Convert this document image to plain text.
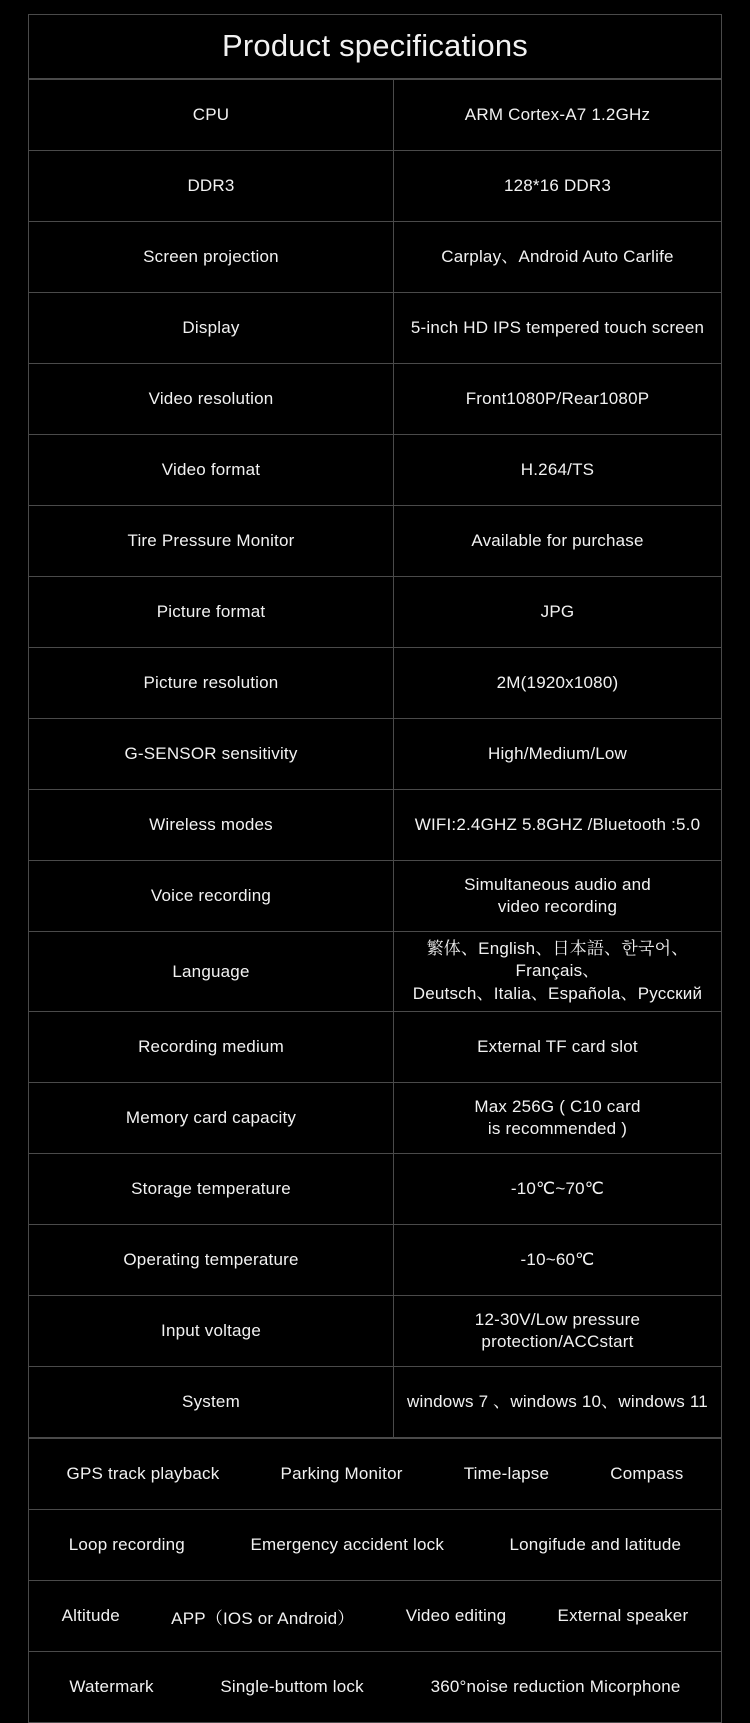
Product specifications
CPU	ARM Cortex-A7 1.2GHz

DDR3	128*16 DDR3

Screen projection	Carplay、Android Auto Carlife

Display	5-inch HD IPS tempered touch screen

Video resolution	Front1080P/Rear1080P

Video format	H.264/TS

Tire Pressure Monitor	Available for purchase

Picture format	JPG

Picture resolution	2M(1920x1080)

G-SENSOR sensitivity	High/Medium/Low

Wireless modes	WIFI:2.4GHZ 5.8GHZ /Bluetooth :5.0

Voice recording	Simultaneous audio and
video recording

Language	繁体、English、日本語、한국어、Français、
Deutsch、Italia、Española、Русский

Recording medium	External TF card slot

Memory card capacity	Max 256G ( C10 card
is recommended )

Storage temperature	-10℃~70℃

Operating temperature	-10~60℃

Input voltage	12-30V/Low pressure
protection/ACCstart

System	windows 7 、windows 10、windows 11
GPS track playback	Parking Monitor	Time-lapse	Compass

Loop recording	Emergency accident lock	Longifude and latitude

Altitude	APP（IOS or Android）	Video editing	External speaker

Watermark	Single-buttom lock	360°noise reduction Micorphone
